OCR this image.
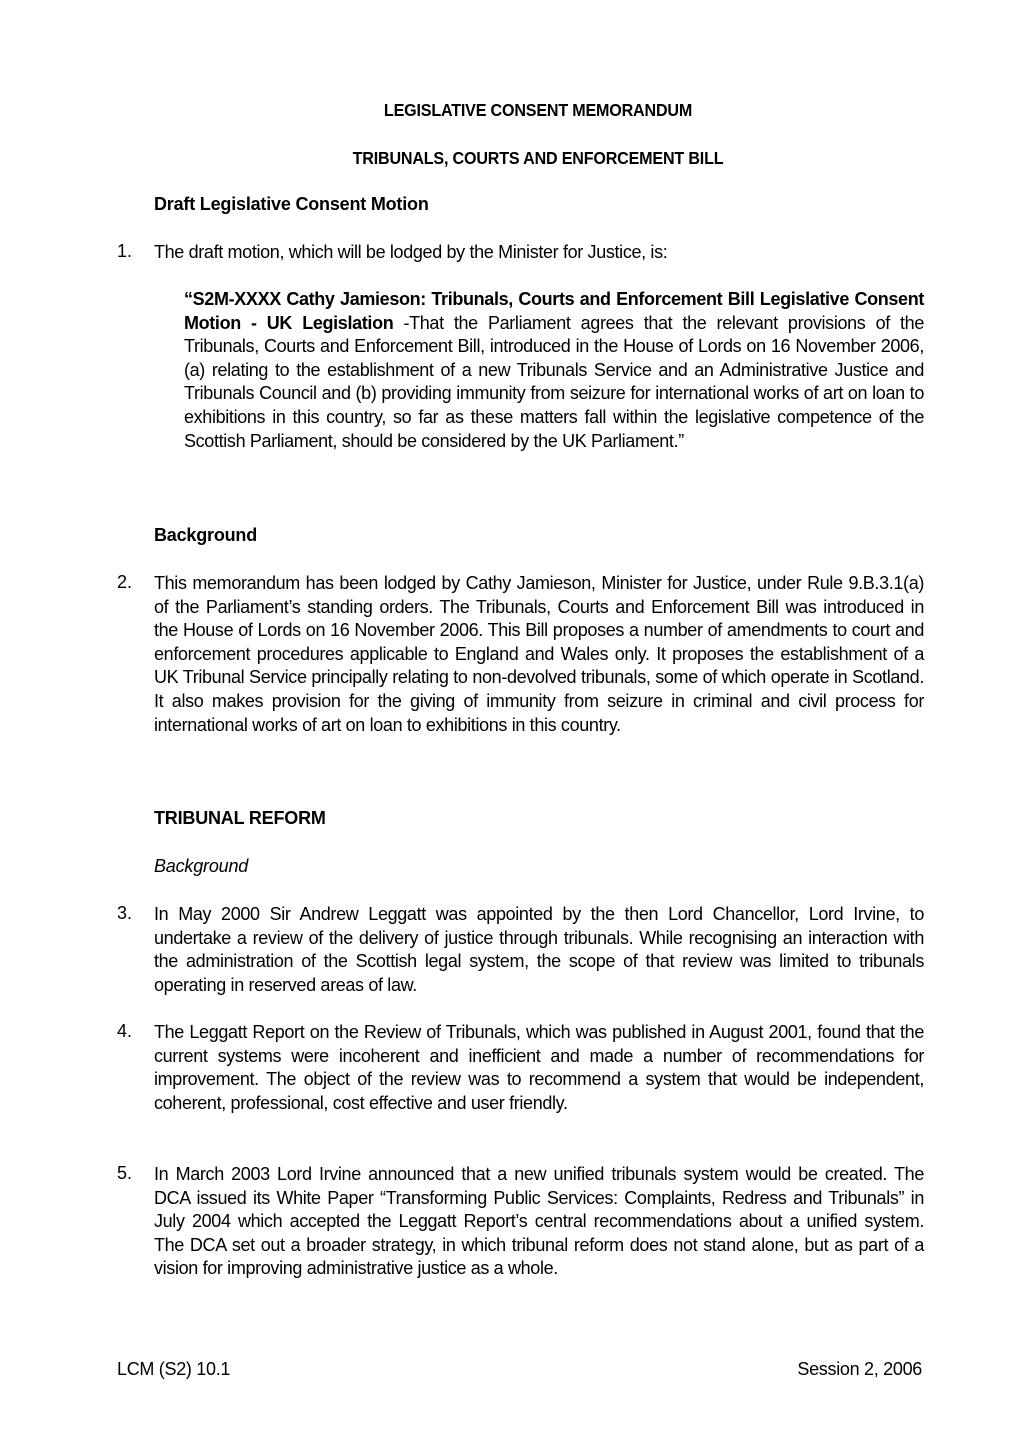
LEGISLATIVE CONSENT MEMORANDUM
TRIBUNALS, COURTS AND ENFORCEMENT BILL
Draft Legislative Consent Motion
1. The draft motion, which will be lodged by the Minister for Justice, is:

“S2M-XXXX Cathy Jamieson: Tribunals, Courts and Enforcement Bill Legislative Consent Motion - UK Legislation -That the Parliament agrees that the relevant provisions of the Tribunals, Courts and Enforcement Bill, introduced in the House of Lords on 16 November 2006, (a) relating to the establishment of a new Tribunals Service and an Administrative Justice and Tribunals Council and (b) providing immunity from seizure for international works of art on loan to exhibitions in this country, so far as these matters fall within the legislative competence of the Scottish Parliament, should be considered by the UK Parliament.”

Background
2. This memorandum has been lodged by Cathy Jamieson, Minister for Justice, under Rule 9.B.3.1(a) of the Parliament’s standing orders. The Tribunals, Courts and Enforcement Bill was introduced in the House of Lords on 16 November 2006. This Bill proposes a number of amendments to court and enforcement procedures applicable to England and Wales only. It proposes the establishment of a UK Tribunal Service principally relating to non-devolved tribunals, some of which operate in Scotland. It also makes provision for the giving of immunity from seizure in criminal and civil process for international works of art on loan to exhibitions in this country.

TRIBUNAL REFORM
Background
3. In May 2000 Sir Andrew Leggatt was appointed by the then Lord Chancellor, Lord Irvine, to undertake a review of the delivery of justice through tribunals. While recognising an interaction with the administration of the Scottish legal system, the scope of that review was limited to tribunals operating in reserved areas of law.

4. The Leggatt Report on the Review of Tribunals, which was published in August 2001, found that the current systems were incoherent and inefficient and made a number of recommendations for improvement. The object of the review was to recommend a system that would be independent, coherent, professional, cost effective and user friendly.

5. In March 2003 Lord Irvine announced that a new unified tribunals system would be created. The DCA issued its White Paper “Transforming Public Services: Complaints, Redress and Tribunals” in July 2004 which accepted the Leggatt Report’s central recommendations about a unified system. The DCA set out a broader strategy, in which tribunal reform does not stand alone, but as part of a vision for improving administrative justice as a whole.

LCM (S2) 10.1	Session 2, 2006
